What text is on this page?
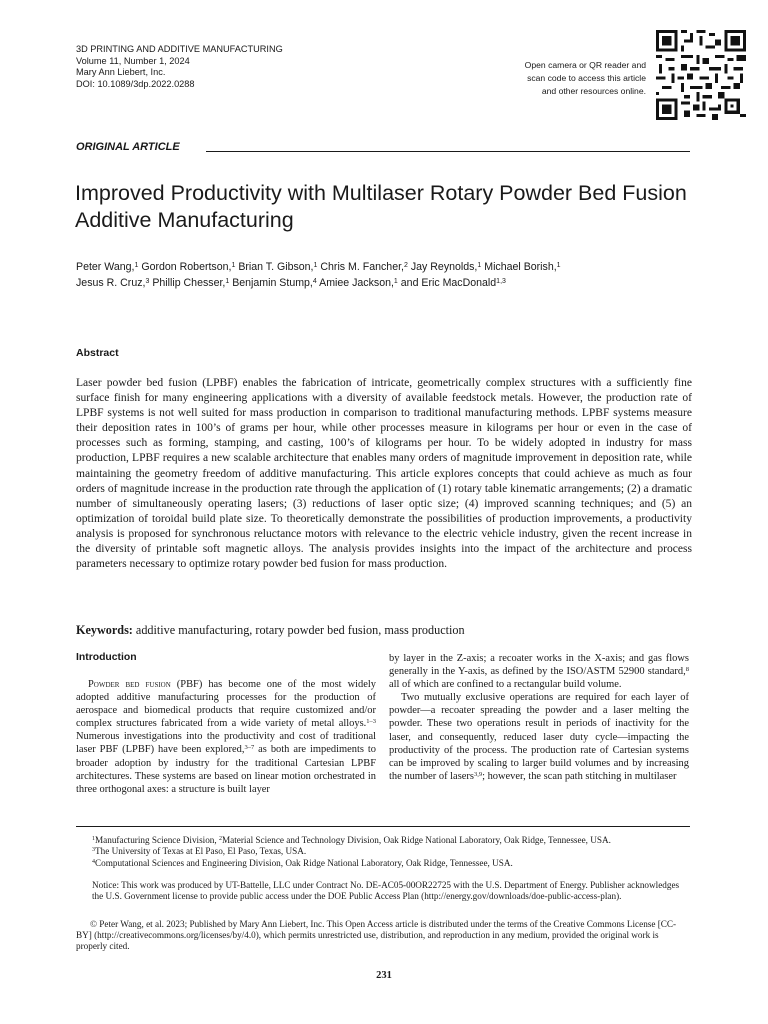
3D PRINTING AND ADDITIVE MANUFACTURING
Volume 11, Number 1, 2024
Mary Ann Liebert, Inc.
DOI: 10.1089/3dp.2022.0288
Open camera or QR reader and
scan code to access this article
and other resources online.
ORIGINAL ARTICLE
Improved Productivity with Multilaser Rotary Powder Bed Fusion Additive Manufacturing
Peter Wang,$^1$ Gordon Robertson,$^1$ Brian T. Gibson,$^1$ Chris M. Fancher,$^2$ Jay Reynolds,$^1$ Michael Borish,$^1$
Jesus R. Cruz,$^3$ Phillip Chesser,$^1$ Benjamin Stump,$^4$ Amiee Jackson,$^1$ and Eric MacDonald$^{1,3}$
Abstract
Laser powder bed fusion (LPBF) enables the fabrication of intricate, geometrically complex structures with a sufficiently fine surface finish for many engineering applications with a diversity of available feedstock metals. However, the production rate of LPBF systems is not well suited for mass production in comparison to traditional manufacturing methods. LPBF systems measure their deposition rates in 100’s of grams per hour, while other processes measure in kilograms per hour or even in the case of processes such as forming, stamping, and casting, 100’s of kilograms per hour. To be widely adopted in industry for mass production, LPBF requires a new scalable architecture that enables many orders of magnitude improvement in deposition rate, while maintaining the geometry freedom of additive manufacturing. This article explores concepts that could achieve as much as four orders of magnitude increase in the production rate through the application of (1) rotary table kinematic arrangements; (2) a dramatic number of simultaneously operating lasers; (3) reductions of laser optic size; (4) improved scanning techniques; and (5) an optimization of toroidal build plate size. To theoretically demonstrate the possibilities of production improvements, a productivity analysis is proposed for synchronous reluctance motors with relevance to the electric vehicle industry, given the recent increase in the diversity of printable soft magnetic alloys. The analysis provides insights into the impact of the architecture and process parameters necessary to optimize rotary powder bed fusion for mass production.
Keywords: additive manufacturing, rotary powder bed fusion, mass production
Introduction

Powder bed fusion (PBF) has become one of the most widely adopted additive manufacturing processes for the production of aerospace and biomedical products that require customized and/or complex structures fabricated from a wide variety of metal alloys.$^{1-3}$ Numerous investigations into the productivity and cost of traditional laser PBF (LPBF) have been explored,$^{3-7}$ as both are impediments to broader adoption by industry for the traditional Cartesian LPBF architectures. These systems are based on linear motion orchestrated in three orthogonal axes: a structure is built layer

by layer in the Z-axis; a recoater works in the X-axis; and gas flows generally in the Y-axis, as defined by the ISO/ASTM 52900 standard,$^8$ all of which are confined to a rectangular build volume.

Two mutually exclusive operations are required for each layer of powder—a recoater spreading the powder and a laser melting the powder. These two operations result in periods of inactivity for the laser, and consequently, reduced laser duty cycle—impacting the productivity of the process. The production rate of Cartesian systems can be improved by scaling to larger build volumes and by increasing the number of lasers$^{3,9}$; however, the scan path stitching in multilaser

$^1$Manufacturing Science Division, $^2$Material Science and Technology Division, Oak Ridge National Laboratory, Oak Ridge, Tennessee, USA.
$^3$The University of Texas at El Paso, El Paso, Texas, USA.
$^4$Computational Sciences and Engineering Division, Oak Ridge National Laboratory, Oak Ridge, Tennessee, USA.
Notice: This work was produced by UT-Battelle, LLC under Contract No. DE-AC05-00OR22725 with the U.S. Department of Energy. Publisher acknowledges the U.S. Government license to provide public access under the DOE Public Access Plan (http://energy.gov/downloads/doe-public-access-plan).
© Peter Wang, et al. 2023; Published by Mary Ann Liebert, Inc. This Open Access article is distributed under the terms of the Creative Commons License [CC-BY] (http://creativecommons.org/licenses/by/4.0), which permits unrestricted use, distribution, and reproduction in any medium, provided the original work is properly cited.
231
